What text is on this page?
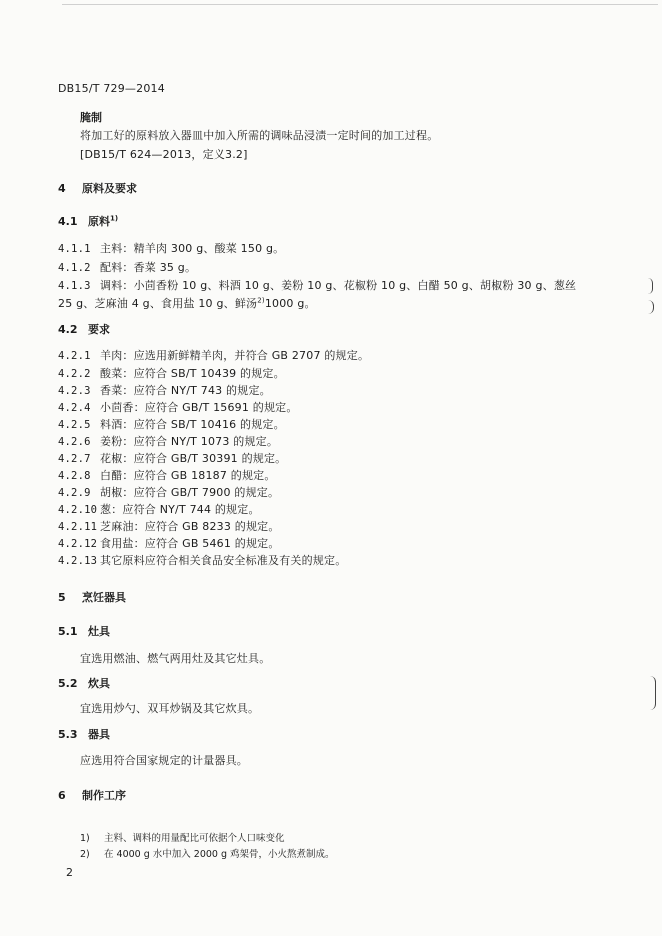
DB15/T 729—2014
腌制
将加工好的原料放入器皿中加入所需的调味品浸渍一定时间的加工过程。
[DB15/T 624—2013，定义3.2]
4 原料及要求
4.1 原料$^{1)}$
4.1.1 主料：精羊肉 300 g、酸菜 150 g。
4.1.2 配料：香菜 35 g。
4.1.3 调料：小茴香粉 10 g、料酒 10 g、姜粉 10 g、花椒粉 10 g、白醋 50 g、胡椒粉 30 g、葱丝
25 g、芝麻油 4 g、食用盐 10 g、鲜汤$^{2)}$1000 g。
4.2 要求
4.2.1 羊肉：应选用新鲜精羊肉，并符合 GB 2707 的规定。
4.2.2 酸菜：应符合 SB/T 10439 的规定。
4.2.3 香菜：应符合 NY/T 743 的规定。
4.2.4 小茴香：应符合 GB/T 15691 的规定。
4.2.5 料酒：应符合 SB/T 10416 的规定。
4.2.6 姜粉：应符合 NY/T 1073 的规定。
4.2.7 花椒：应符合 GB/T 30391 的规定。
4.2.8 白醋：应符合 GB 18187 的规定。
4.2.9 胡椒：应符合 GB/T 7900 的规定。
4.2.10 葱：应符合 NY/T 744 的规定。
4.2.11 芝麻油：应符合 GB 8233 的规定。
4.2.12 食用盐：应符合 GB 5461 的规定。
4.2.13 其它原料应符合相关食品安全标准及有关的规定。
5 烹饪器具
5.1 灶具
宜选用燃油、燃气两用灶及其它灶具。
5.2 炊具
宜选用炒勺、双耳炒锅及其它炊具。
5.3 器具
应选用符合国家规定的计量器具。
6 制作工序
1) 主料、调料的用量配比可依据个人口味变化
2) 在 4000 g 水中加入 2000 g 鸡架骨，小火熬煮制成。
2
